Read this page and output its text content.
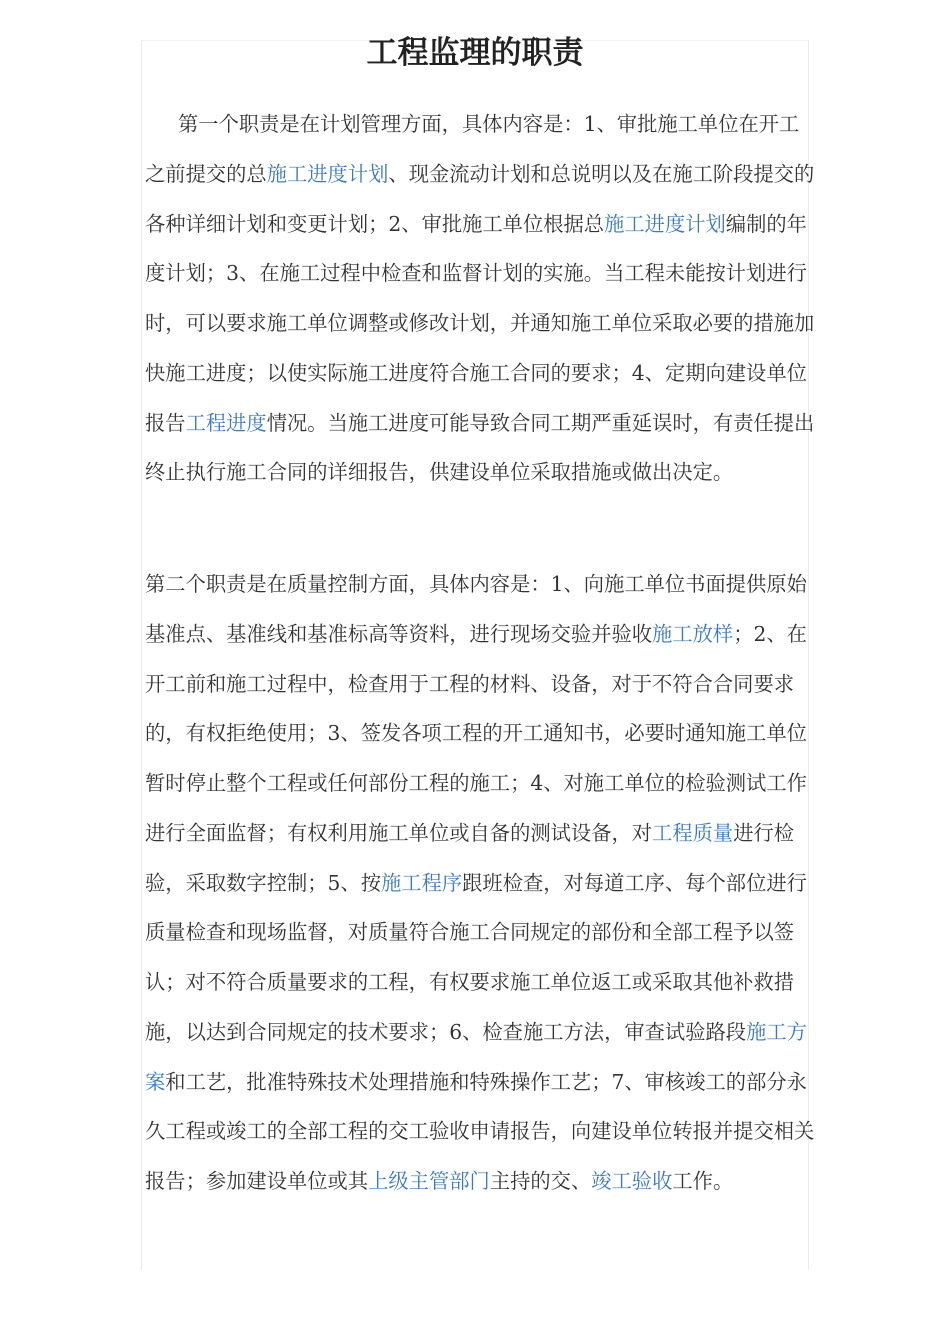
工程监理的职责

第一个职责是在计划管理方面，具体内容是：1、审批施工单位在开工之前提交的总施工进度计划、现金流动计划和总说明以及在施工阶段提交的各种详细计划和变更计划；2、审批施工单位根据总施工进度计划编制的年度计划；3、在施工过程中检查和监督计划的实施。当工程未能按计划进行时，可以要求施工单位调整或修改计划，并通知施工单位采取必要的措施加快施工进度；以使实际施工进度符合施工合同的要求；4、定期向建设单位报告工程进度情况。当施工进度可能导致合同工期严重延误时，有责任提出终止执行施工合同的详细报告，供建设单位采取措施或做出决定。

第二个职责是在质量控制方面，具体内容是：1、向施工单位书面提供原始基准点、基准线和基准标高等资料，进行现场交验并验收施工放样；2、在开工前和施工过程中，检查用于工程的材料、设备，对于不符合合同要求的，有权拒绝使用；3、签发各项工程的开工通知书，必要时通知施工单位暂时停止整个工程或任何部份工程的施工；4、对施工单位的检验测试工作进行全面监督；有权利用施工单位或自备的测试设备，对工程质量进行检验，采取数字控制；5、按施工程序跟班检查，对每道工序、每个部位进行质量检查和现场监督，对质量符合施工合同规定的部份和全部工程予以签认；对不符合质量要求的工程，有权要求施工单位返工或采取其他补救措施，以达到合同规定的技术要求；6、检查施工方法，审查试验路段施工方案和工艺，批准特殊技术处理措施和特殊操作工艺；7、审核竣工的部分永久工程或竣工的全部工程的交工验收申请报告，向建设单位转报并提交相关报告；参加建设单位或其上级主管部门主持的交、竣工验收工作。
